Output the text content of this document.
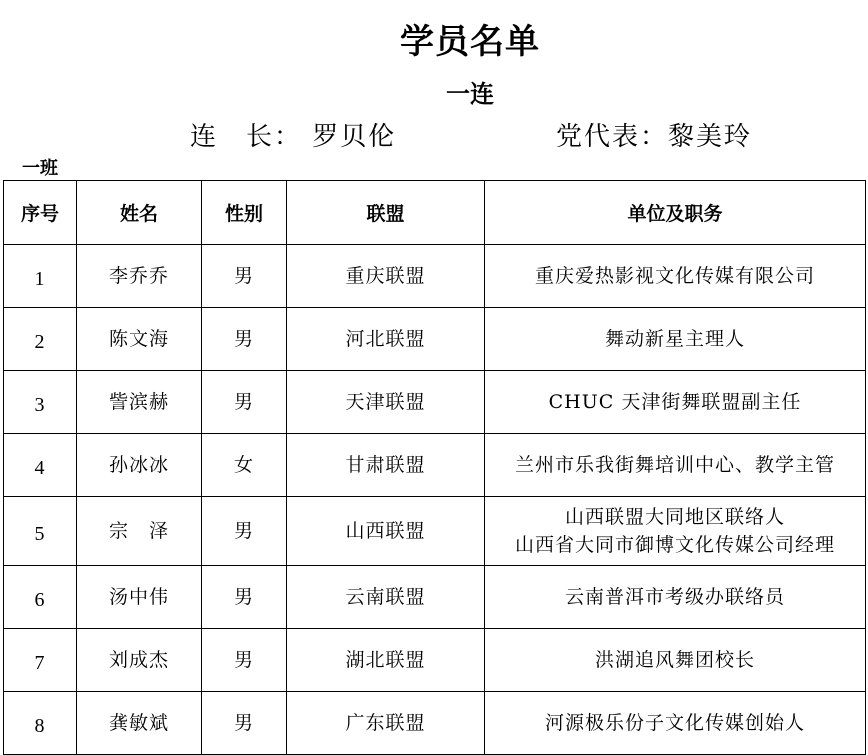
学员名单
一连
连　长： 罗贝伦	党代表：黎美玲
一班
序号	姓名	性别	联盟	单位及职务
1	李乔乔	男	重庆联盟	重庆爱热影视文化传媒有限公司

2	陈文海	男	河北联盟	舞动新星主理人

3	訾滨赫	男	天津联盟	CHUC 天津街舞联盟副主任

4	孙冰冰	女	甘肃联盟	兰州市乐我街舞培训中心、教学主管

5	宗　泽	男	山西联盟	山西联盟大同地区联络人
山西省大同市御博文化传媒公司经理

6	汤中伟	男	云南联盟	云南普洱市考级办联络员

7	刘成杰	男	湖北联盟	洪湖追风舞团校长

8	龚敏斌	男	广东联盟	河源极乐份子文化传媒创始人
